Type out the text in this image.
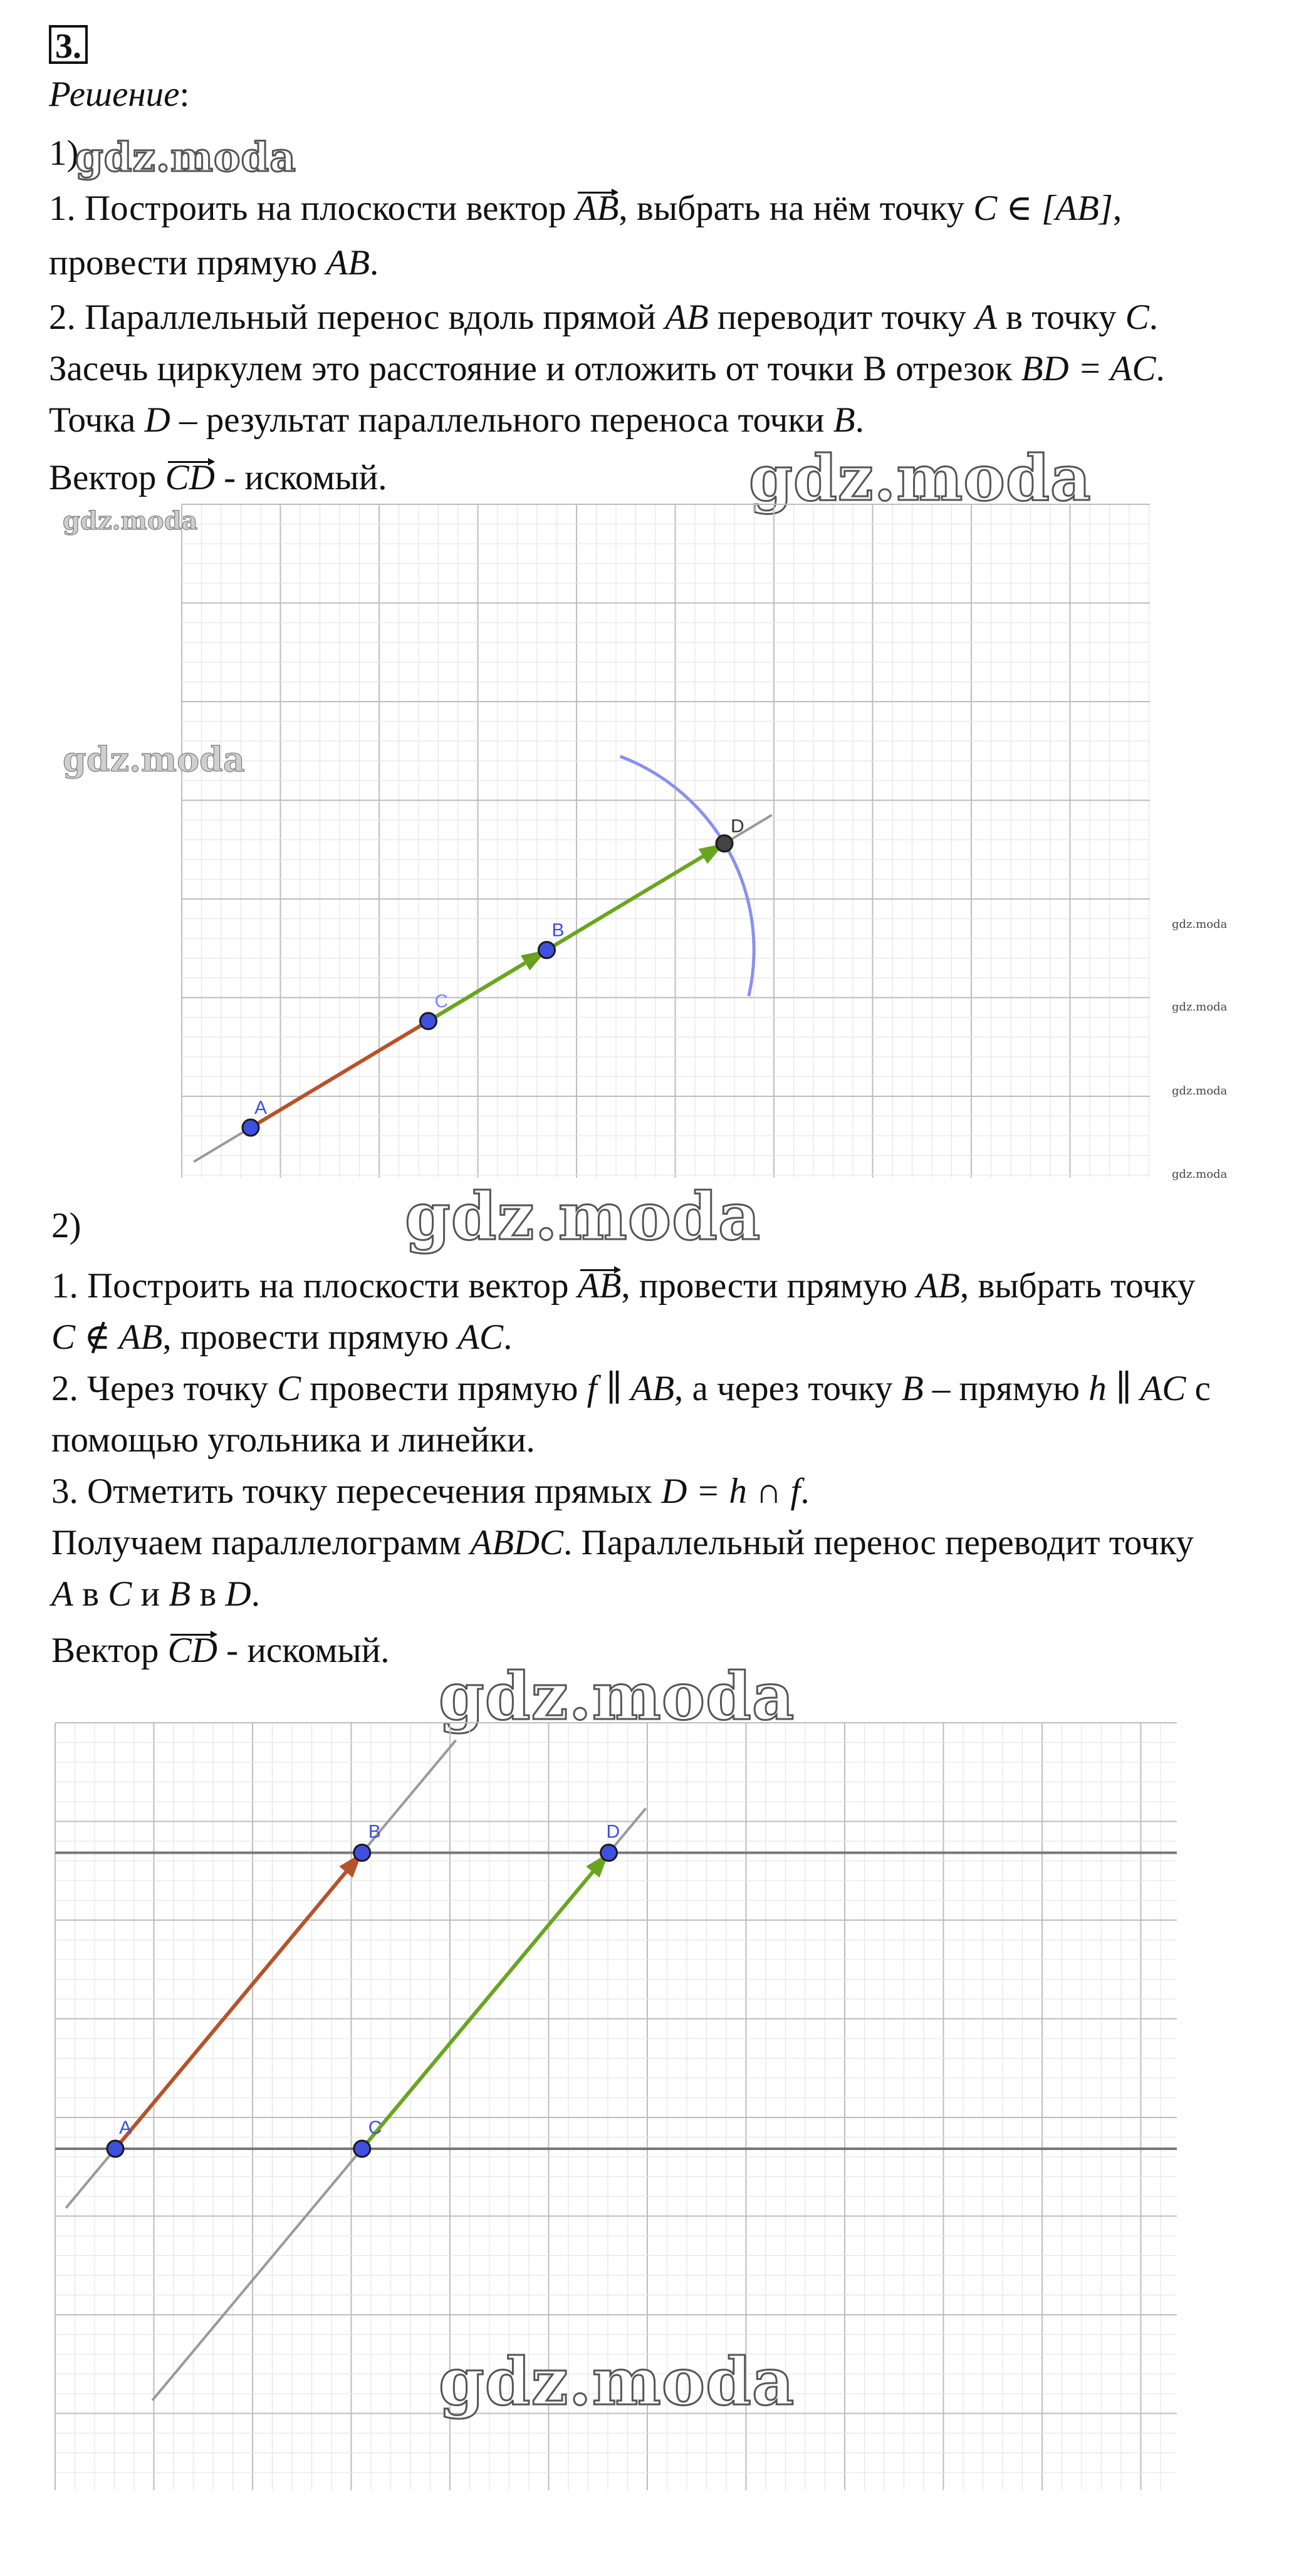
3.
Решение:
1)
gdz.moda
1. Построить на плоскости вектор AB, выбрать на нём точку C ∈ [AB],
провести прямую AB.
2. Параллельный перенос вдоль прямой AB переводит точку A в точку C.
Засечь циркулем это расстояние и отложить от точки В отрезок BD = AC.
Точка D – результат параллельного переноса точки B.
Вектор CD - искомый.	gdz.moda
A
C
B
D
gdz.moda
gdz.moda
gdz.moda
gdz.moda
gdz.moda
gdz.moda
2)	gdz.moda
1. Построить на плоскости вектор AB, провести прямую AB, выбрать точку
C ∉ AB, провести прямую AC.
2. Через точку C провести прямую f ∥ AB, а через точку B – прямую h ∥ AC с
помощью угольника и линейки.
3. Отметить точку пересечения прямых D = h ∩ f.
Получаем параллелограмм ABDC. Параллельный перенос переводит точку
A в C и B в D.
Вектор CD - искомый.
gdz.moda
A
B
C
D
gdz.moda
